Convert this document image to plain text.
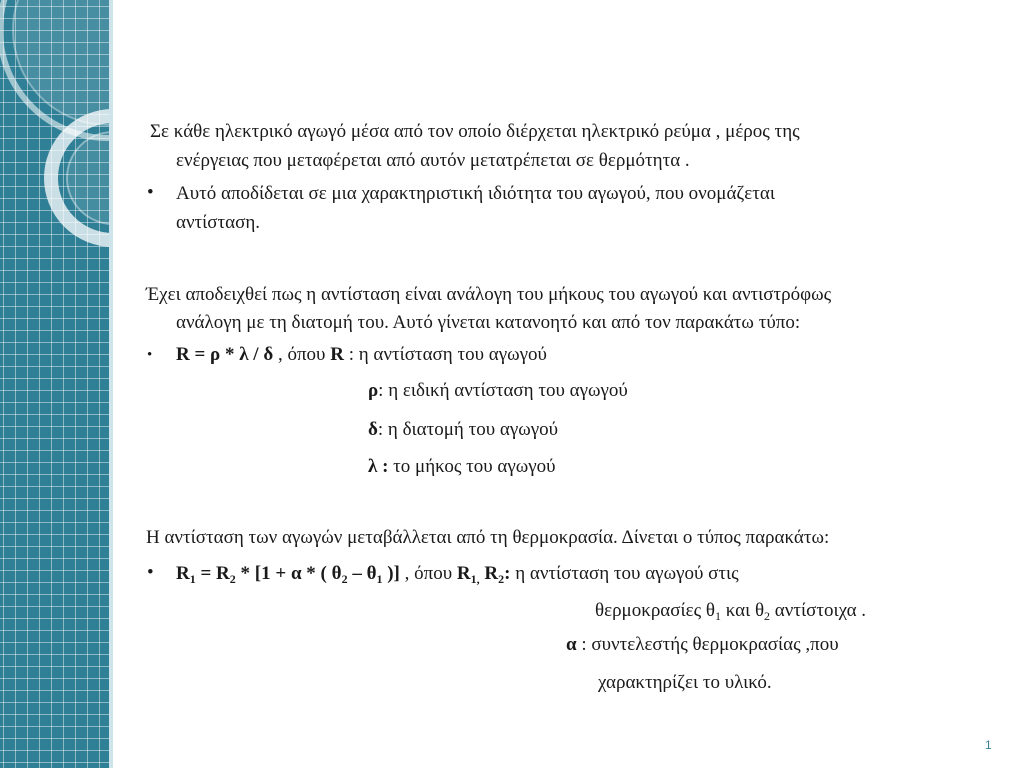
Σε κάθε ηλεκτρικό αγωγό μέσα από τον οποίο διέρχεται ηλεκτρικό ρεύμα , μέρος της
ενέργειας που μεταφέρεται από αυτόν μετατρέπεται σε θερμότητα .
• Αυτό αποδίδεται σε μια χαρακτηριστική ιδιότητα του αγωγού, που ονομάζεται
αντίσταση.
Έχει αποδειχθεί πως η αντίσταση είναι ανάλογη του μήκους του αγωγού και αντιστρόφως
ανάλογη με τη διατομή του. Αυτό γίνεται κατανοητό και από τον παρακάτω τύπο:
• R = ρ * λ / δ , όπου R : η αντίσταση του αγωγού
ρ: η ειδική αντίσταση του αγωγού
δ: η διατομή του αγωγού
λ : το μήκος του αγωγού
Η αντίσταση των αγωγών μεταβάλλεται από τη θερμοκρασία. Δίνεται ο τύπος παρακάτω:
• $R_1 = R_2 * [1 + \alpha$ * ( $\theta_2 - \theta_1$ )] , όπου $R_{1,}$ $R_2$: η αντίσταση του αγωγού στις
θερμοκρασίες $\theta_1$ και $\theta_2$ αντίστοιχα .
α : συντελεστής θερμοκρασίας ,που
χαρακτηρίζει το υλικό.
1
